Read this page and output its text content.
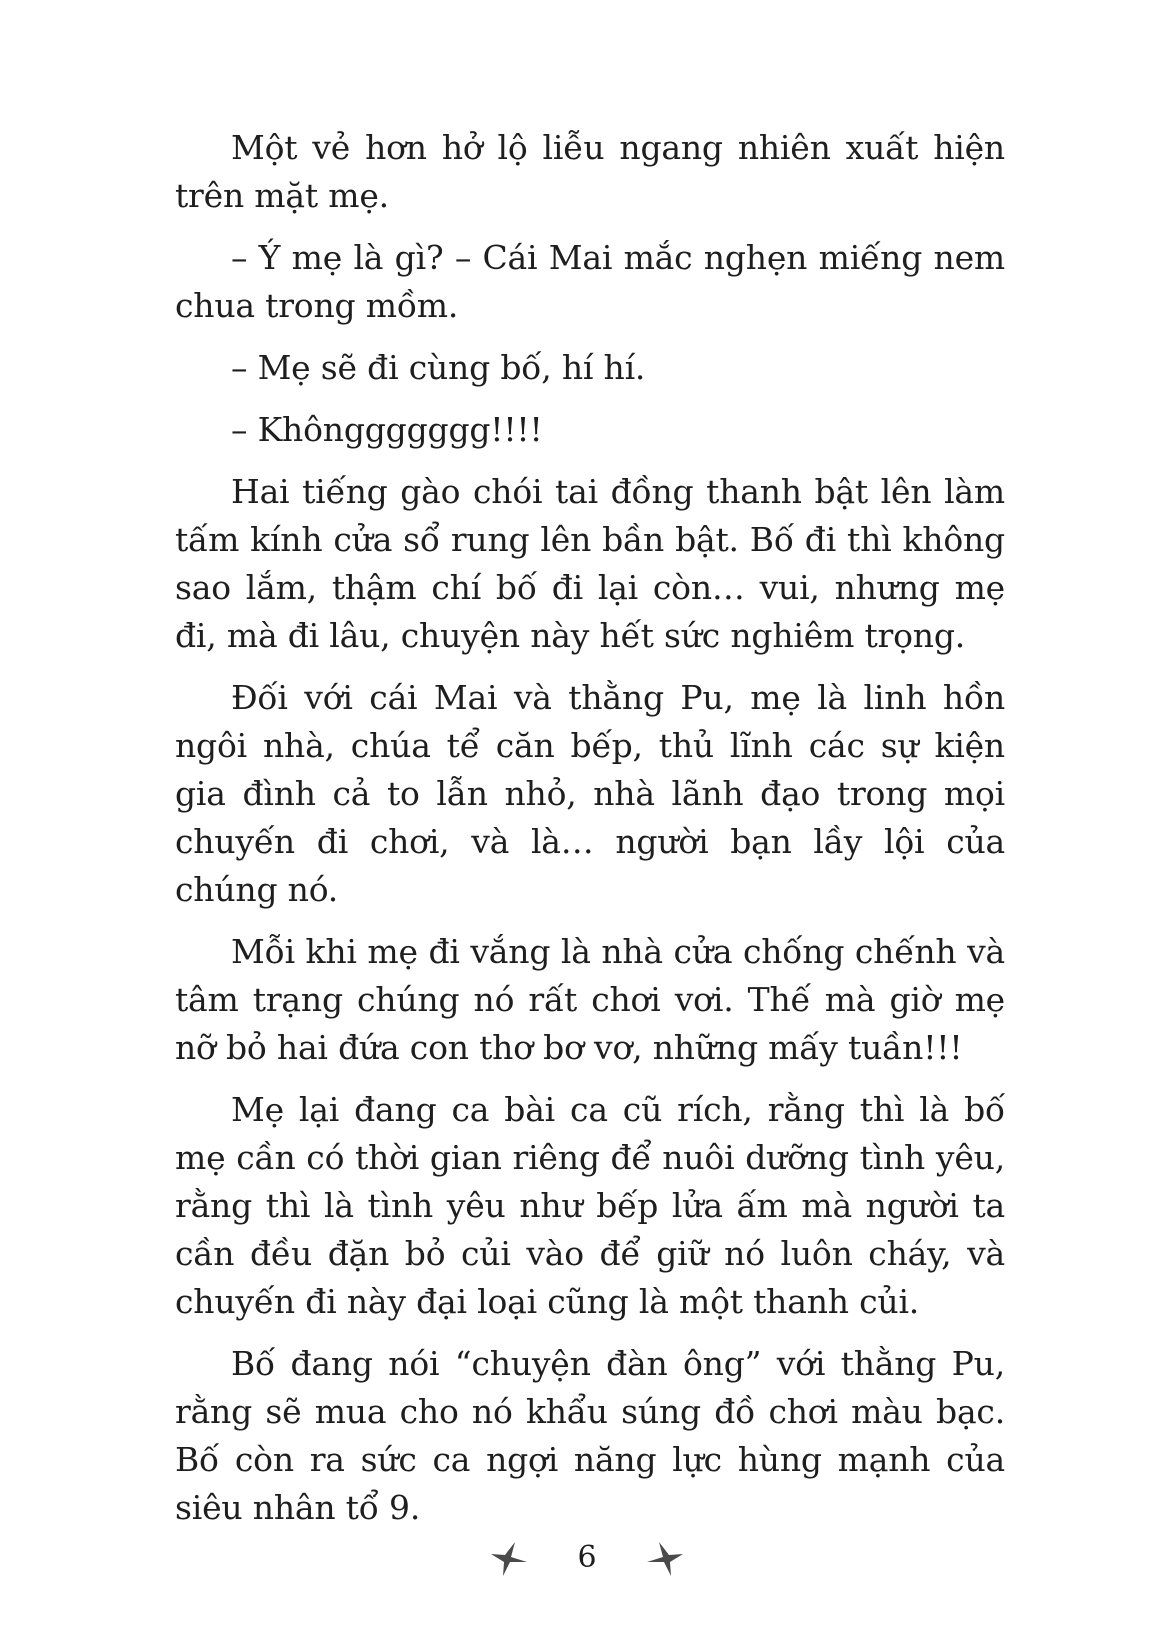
Một vẻ hơn hở lộ liễu ngang nhiên xuất hiện trên mặt mẹ.

– Ý mẹ là gì? – Cái Mai mắc nghẹn miếng nem chua trong mồm.

– Mẹ sẽ đi cùng bố, hí hí.

– Khônggggggg!!!!

Hai tiếng gào chói tai đồng thanh bật lên làm tấm kính cửa sổ rung lên bần bật. Bố đi thì không sao lắm, thậm chí bố đi lại còn… vui, nhưng mẹ đi, mà đi lâu, chuyện này hết sức nghiêm trọng.

Đối với cái Mai và thằng Pu, mẹ là linh hồn ngôi nhà, chúa tể căn bếp, thủ lĩnh các sự kiện gia đình cả to lẫn nhỏ, nhà lãnh đạo trong mọi chuyến đi chơi, và là… người bạn lầy lội của chúng nó.

Mỗi khi mẹ đi vắng là nhà cửa chống chếnh và tâm trạng chúng nó rất chơi vơi. Thế mà giờ mẹ nỡ bỏ hai đứa con thơ bơ vơ, những mấy tuần!!!

Mẹ lại đang ca bài ca cũ rích, rằng thì là bố mẹ cần có thời gian riêng để nuôi dưỡng tình yêu, rằng thì là tình yêu như bếp lửa ấm mà người ta cần đều đặn bỏ củi vào để giữ nó luôn cháy, và chuyến đi này đại loại cũng là một thanh củi.

Bố đang nói “chuyện đàn ông” với thằng Pu, rằng sẽ mua cho nó khẩu súng đồ chơi màu bạc. Bố còn ra sức ca ngợi năng lực hùng mạnh của siêu nhân tổ 9.

6
